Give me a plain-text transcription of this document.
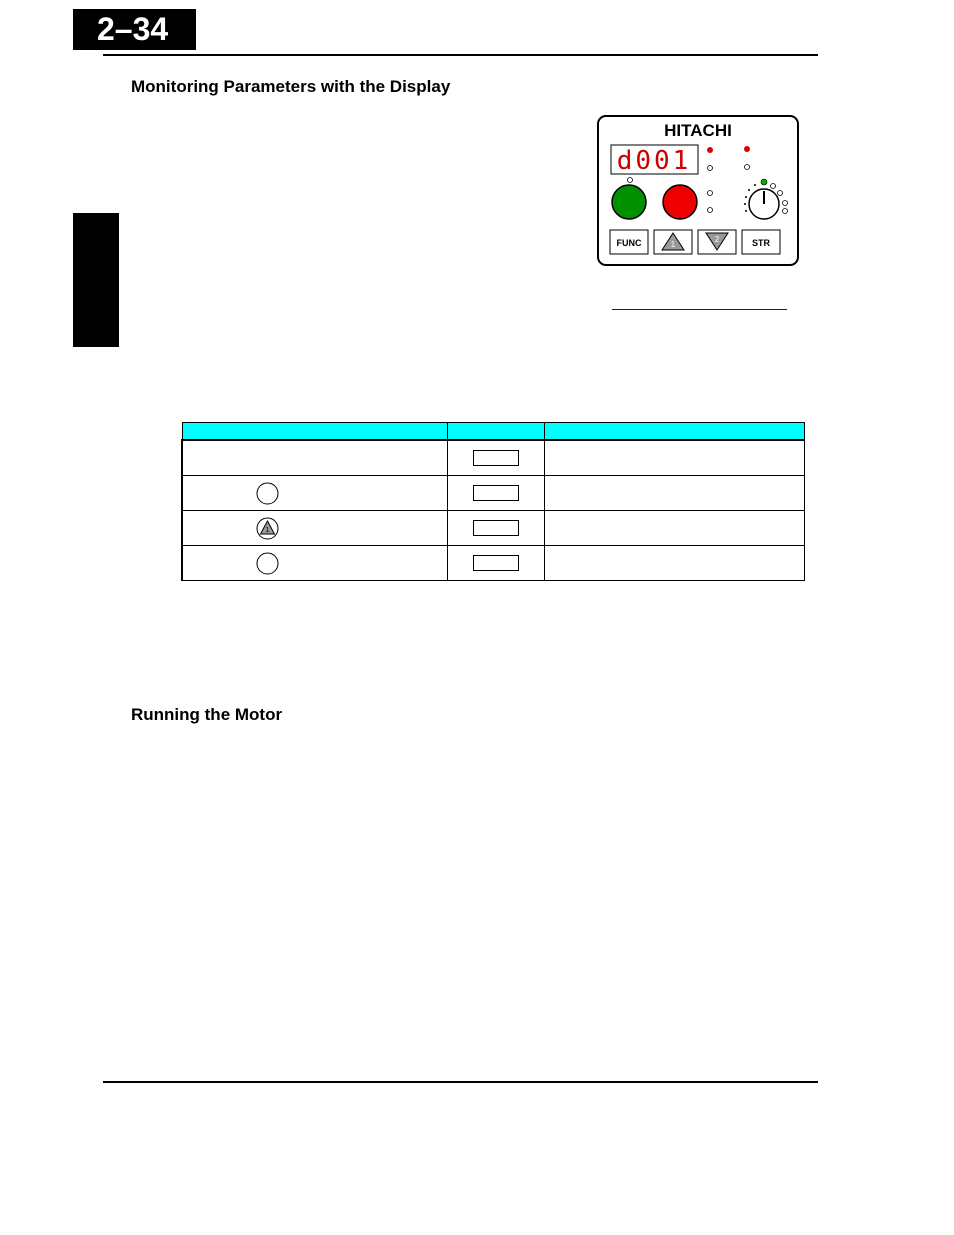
2–34
Monitoring Parameters with the Display
HITACHI
d001
FUNC	1
2	STR

1		

Running the Motor
